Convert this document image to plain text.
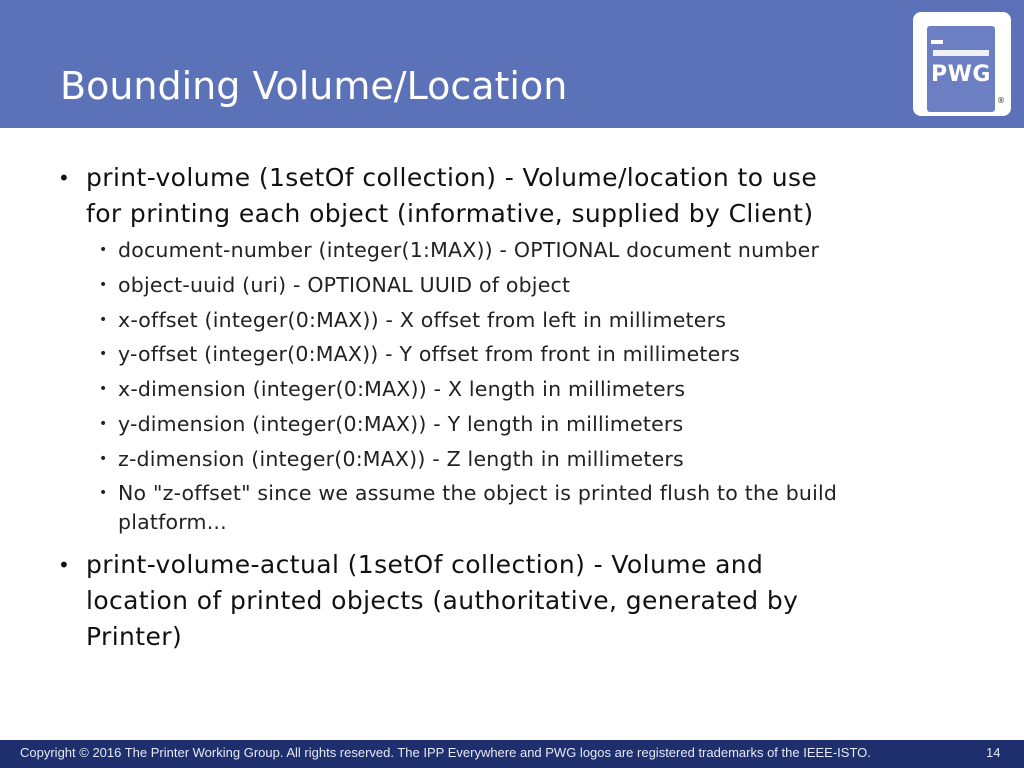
Bounding Volume/Location	PWG
®
• print-volume (1setOf collection) - Volume/location to use
for printing each object (informative, supplied by Client)
• document-number (integer(1:MAX)) - OPTIONAL document number
• object-uuid (uri) - OPTIONAL UUID of object
• x-offset (integer(0:MAX)) - X offset from left in millimeters
• y-offset (integer(0:MAX)) - Y offset from front in millimeters
• x-dimension (integer(0:MAX)) - X length in millimeters
• y-dimension (integer(0:MAX)) - Y length in millimeters
• z-dimension (integer(0:MAX)) - Z length in millimeters
• No "z-offset" since we assume the object is printed flush to the build
platform...
• print-volume-actual (1setOf collection) - Volume and
location of printed objects (authoritative, generated by
Printer)
Copyright © 2016 The Printer Working Group. All rights reserved. The IPP Everywhere and PWG logos are registered trademarks of the IEEE-ISTO.	14
